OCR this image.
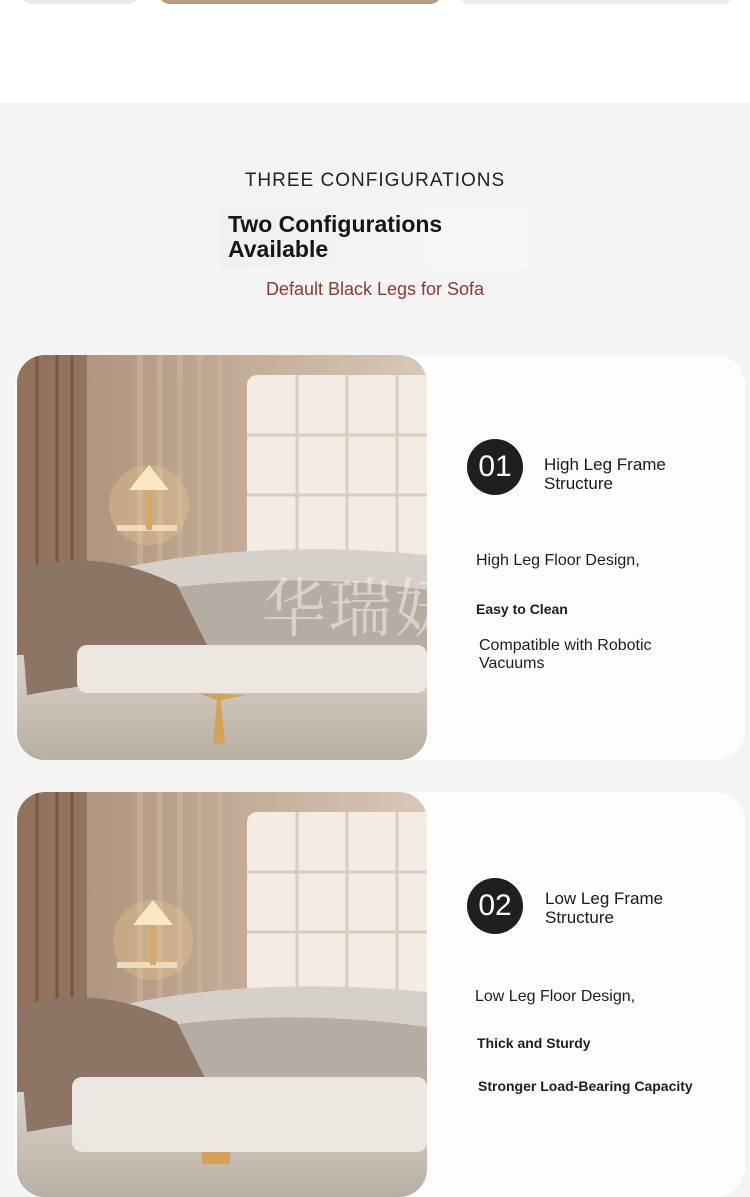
THREE CONFIGURATIONS
Two Configurations Available
Default Black Legs for Sofa
01	High Leg Frame Structure
High Leg Floor Design,
Easy to Clean
Compatible with Robotic Vacuums
02	Low Leg Frame Structure
Low Leg Floor Design,
Thick and Sturdy
Stronger Load-Bearing Capacity
华瑞妍
